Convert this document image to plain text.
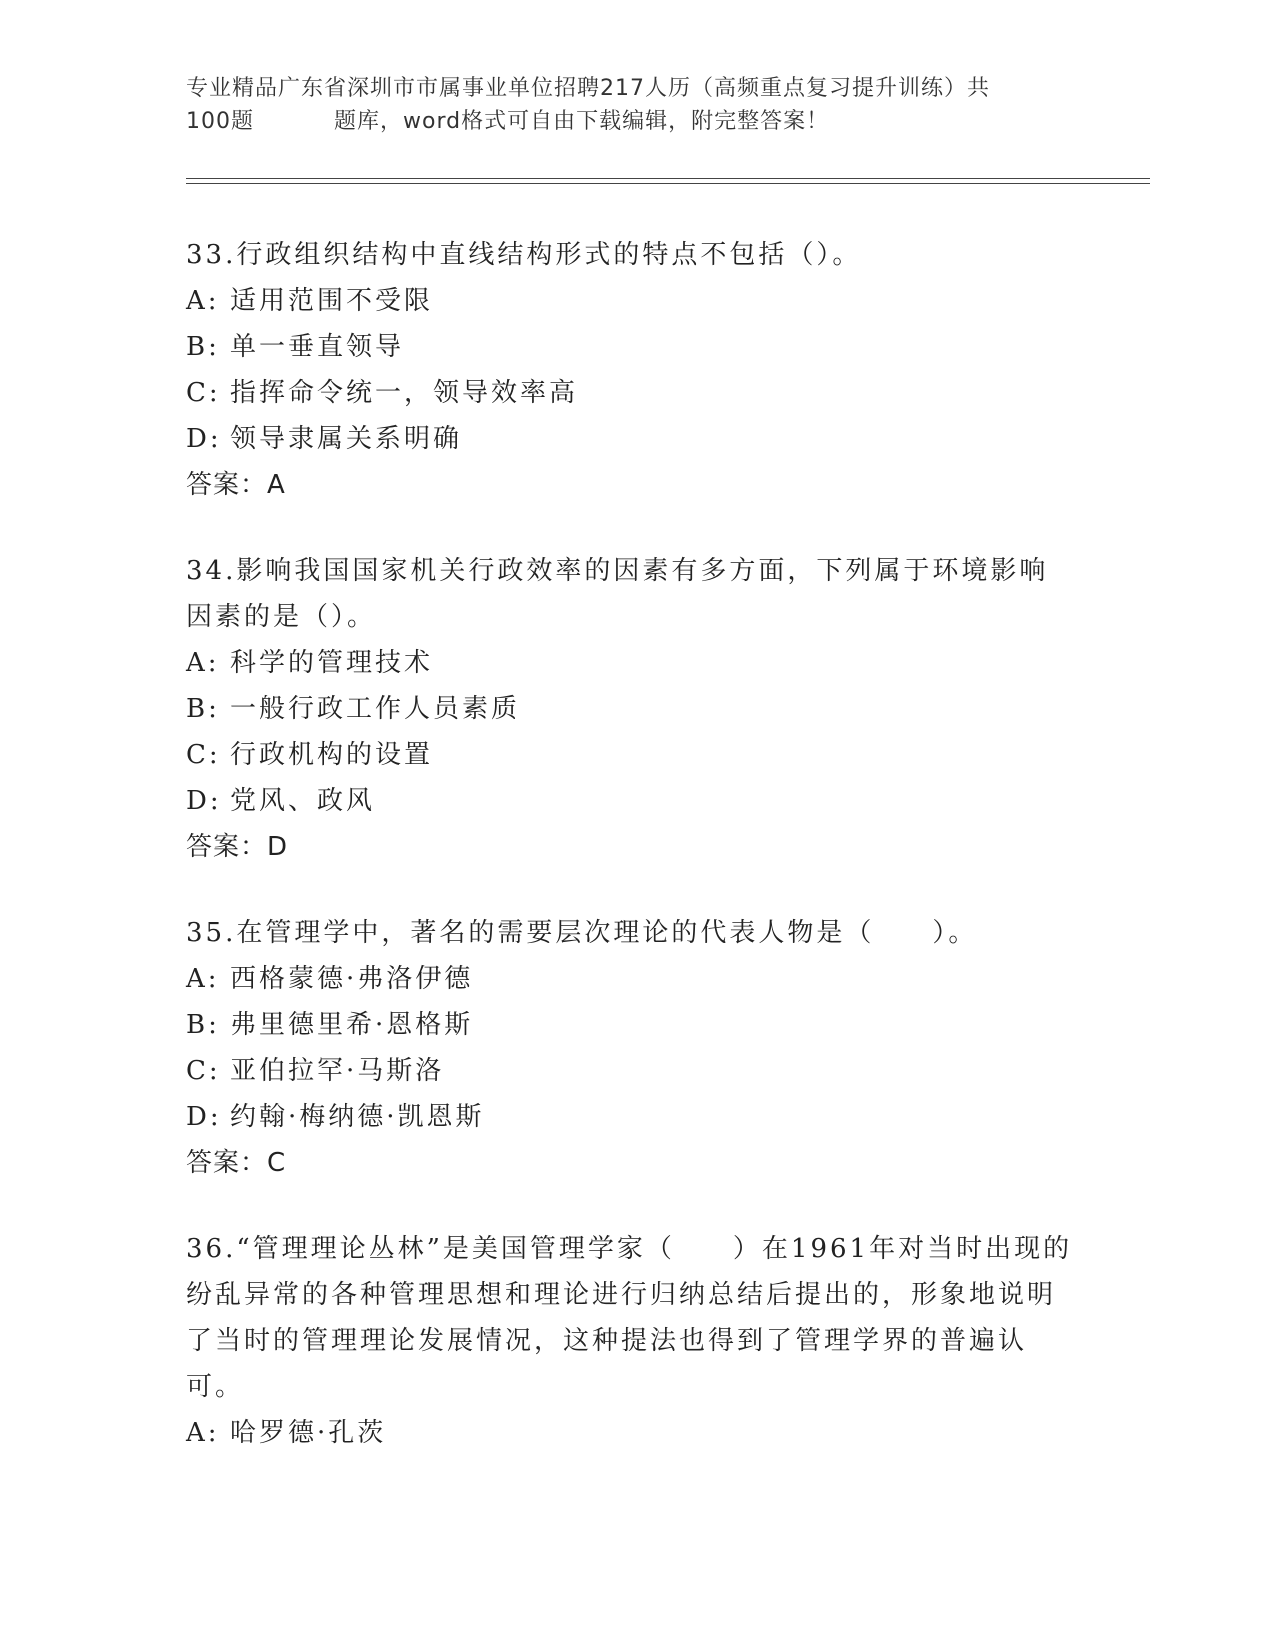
专业精品广东省深圳市市属事业单位招聘217人历（高频重点复习提升训练）共
100题	题库，word格式可自由下载编辑，附完整答案！

33.行政组织结构中直线结构形式的特点不包括（）。

A: 适用范围不受限

B: 单一垂直领导

C: 指挥命令统一，领导效率高

D: 领导隶属关系明确

答案：A

34.影响我国国家机关行政效率的因素有多方面，下列属于环境影响因素的是（）。

A: 科学的管理技术

B: 一般行政工作人员素质

C: 行政机构的设置

D: 党风、政风

答案：D

35.在管理学中，著名的需要层次理论的代表人物是（　　）。

A: 西格蒙德·弗洛伊德

B: 弗里德里希·恩格斯

C: 亚伯拉罕·马斯洛

D: 约翰·梅纳德·凯恩斯

答案：C

36.“管理理论丛林”是美国管理学家（　　）在1961年对当时出现的纷乱异常的各种管理思想和理论进行归纳总结后提出的，形象地说明了当时的管理理论发展情况，这种提法也得到了管理学界的普遍认可。

A: 哈罗德·孔茨
